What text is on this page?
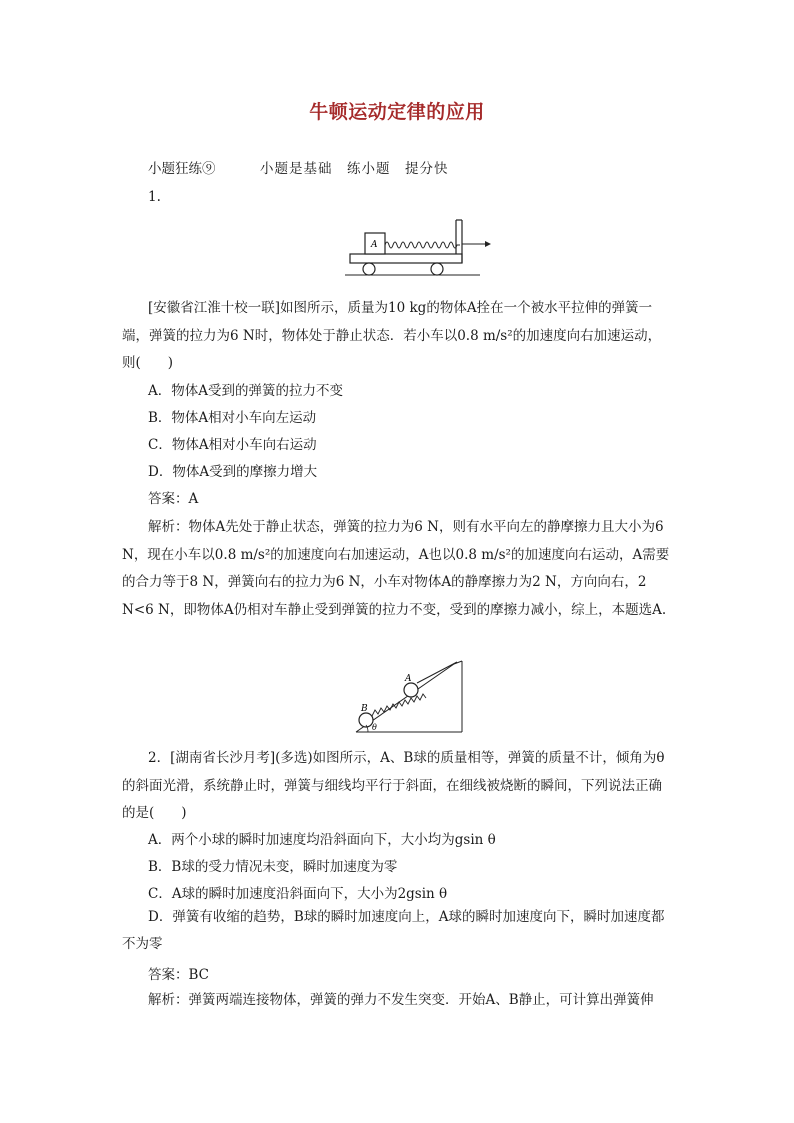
牛顿运动定律的应用
小题狂练⑨	小题是基础　练小题　提分快
1.
A

[安徽省江淮十校一联]如图所示，质量为10 kg的物体A拴在一个被水平拉伸的弹簧一端，弹簧的拉力为6 N时，物体处于静止状态．若小车以0.8 m/s²的加速度向右加速运动，则(　　)

A．物体A受到的弹簧的拉力不变
B．物体A相对小车向左运动
C．物体A相对小车向右运动
D．物体A受到的摩擦力增大
答案：A

解析：物体A先处于静止状态，弹簧的拉力为6 N，则有水平向左的静摩擦力且大小为6 N，现在小车以0.8 m/s²的加速度向右加速运动，A也以0.8 m/s²的加速度向右运动，A需要的合力等于8 N，弹簧向右的拉力为6 N，小车对物体A的静摩擦力为2 N，方向向右，2 N<6 N，即物体A仍相对车静止受到弹簧的拉力不变，受到的摩擦力减小，综上，本题选A.

A
B
θ

2．[湖南省长沙月考](多选)如图所示，A、B球的质量相等，弹簧的质量不计，倾角为θ的斜面光滑，系统静止时，弹簧与细线均平行于斜面，在细线被烧断的瞬间，下列说法正确的是(　　)

A．两个小球的瞬时加速度均沿斜面向下，大小均为gsin θ
B．B球的受力情况未变，瞬时加速度为零
C．A球的瞬时加速度沿斜面向下，大小为2gsin θ

D．弹簧有收缩的趋势，B球的瞬时加速度向上，A球的瞬时加速度向下，瞬时加速度都不为零

答案：BC

解析：弹簧两端连接物体，弹簧的弹力不发生突变．开始A、B静止，可计算出弹簧伸
